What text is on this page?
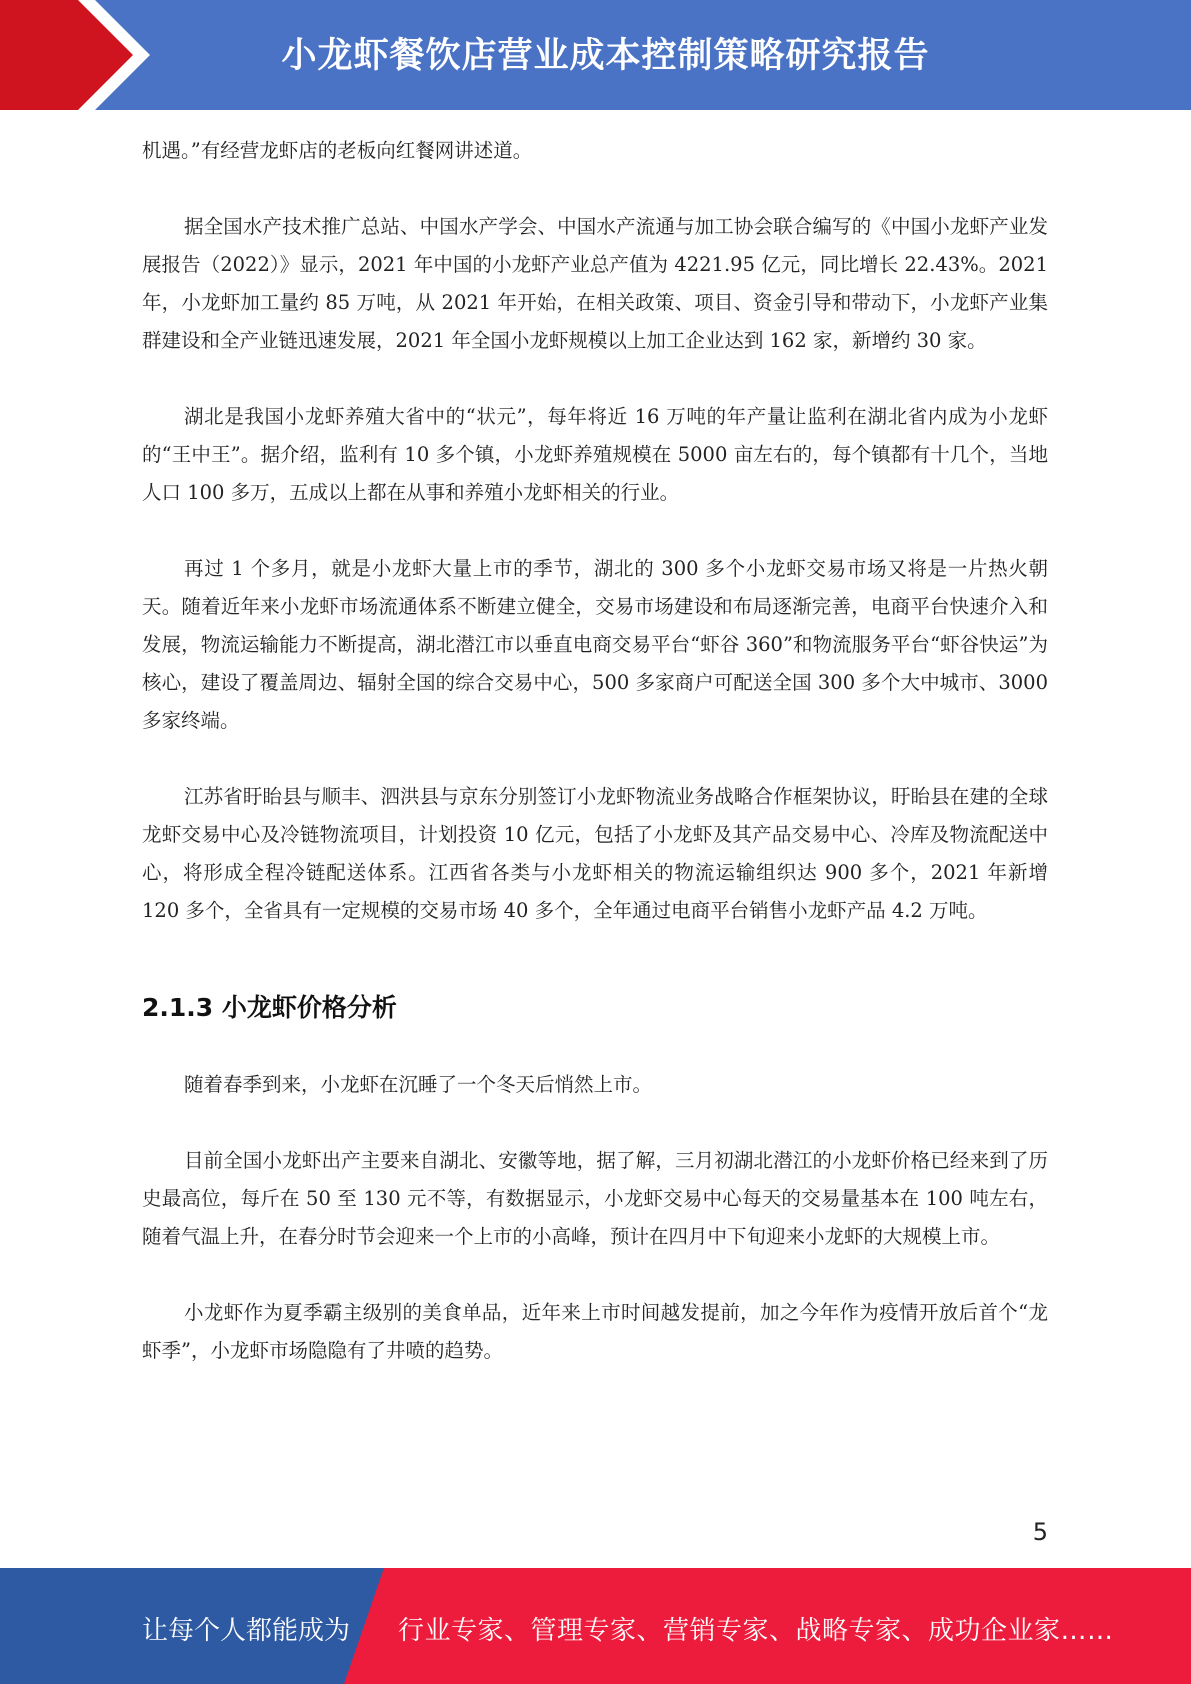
小龙虾餐饮店营业成本控制策略研究报告

机遇。”有经营龙虾店的老板向红餐网讲述道。

据全国水产技术推广总站、中国水产学会、中国水产流通与加工协会联合编写的《中国小龙虾产业发展报告（2022）》显示，2021 年中国的小龙虾产业总产值为 4221.95 亿元，同比增长 22.43%。2021 年，小龙虾加工量约 85 万吨，从 2021 年开始，在相关政策、项目、资金引导和带动下，小龙虾产业集群建设和全产业链迅速发展，2021 年全国小龙虾规模以上加工企业达到 162 家，新增约 30 家。

湖北是我国小龙虾养殖大省中的“状元”，每年将近 16 万吨的年产量让监利在湖北省内成为小龙虾的“王中王”。据介绍，监利有 10 多个镇，小龙虾养殖规模在 5000 亩左右的，每个镇都有十几个，当地人口 100 多万，五成以上都在从事和养殖小龙虾相关的行业。

再过 1 个多月，就是小龙虾大量上市的季节，湖北的 300 多个小龙虾交易市场又将是一片热火朝天。随着近年来小龙虾市场流通体系不断建立健全，交易市场建设和布局逐渐完善，电商平台快速介入和发展，物流运输能力不断提高，湖北潜江市以垂直电商交易平台“虾谷 360”和物流服务平台“虾谷快运”为核心，建设了覆盖周边、辐射全国的综合交易中心，500 多家商户可配送全国 300 多个大中城市、3000 多家终端。

江苏省盱眙县与顺丰、泗洪县与京东分别签订小龙虾物流业务战略合作框架协议，盱眙县在建的全球龙虾交易中心及冷链物流项目，计划投资 10 亿元，包括了小龙虾及其产品交易中心、冷库及物流配送中心，将形成全程冷链配送体系。江西省各类与小龙虾相关的物流运输组织达 900 多个，2021 年新增 120 多个，全省具有一定规模的交易市场 40 多个，全年通过电商平台销售小龙虾产品 4.2 万吨。

2.1.3 小龙虾价格分析

随着春季到来，小龙虾在沉睡了一个冬天后悄然上市。

目前全国小龙虾出产主要来自湖北、安徽等地，据了解，三月初湖北潜江的小龙虾价格已经来到了历史最高位，每斤在 50 至 130 元不等，有数据显示，小龙虾交易中心每天的交易量基本在 100 吨左右，随着气温上升，在春分时节会迎来一个上市的小高峰，预计在四月中下旬迎来小龙虾的大规模上市。

小龙虾作为夏季霸主级别的美食单品，近年来上市时间越发提前，加之今年作为疫情开放后首个“龙虾季”，小龙虾市场隐隐有了井喷的趋势。

5
让每个人都能成为 行业专家、管理专家、营销专家、战略专家、成功企业家……
